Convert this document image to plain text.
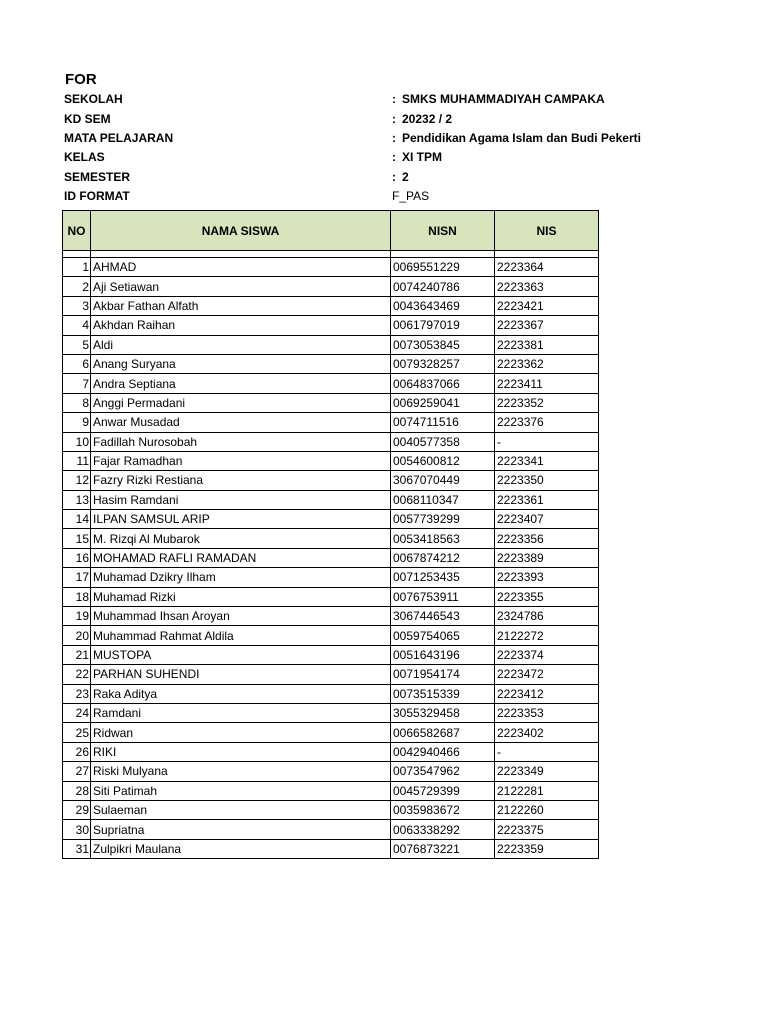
FOR
SEKOLAH	: SMKS MUHAMMADIYAH CAMPAKA
KD SEM	: 20232 / 2
MATA PELAJARAN	: Pendidikan Agama Islam dan Budi Pekerti
KELAS	: XI TPM
SEMESTER	: 2
ID FORMAT	F_PAS
NO	NAMA SISWA	NISN	NIS

1	AHMAD	0069551229	2223364
2	Aji Setiawan	0074240786	2223363
3	Akbar Fathan Alfath	0043643469	2223421
4	Akhdan Raihan	0061797019	2223367
5	Aldi	0073053845	2223381
6	Anang Suryana	0079328257	2223362
7	Andra Septiana	0064837066	2223411
8	Anggi Permadani	0069259041	2223352
9	Anwar Musadad	0074711516	2223376
10	Fadillah Nurosobah	0040577358	-
11	Fajar Ramadhan	0054600812	2223341
12	Fazry Rizki Restiana	3067070449	2223350
13	Hasim Ramdani	0068110347	2223361
14	ILPAN SAMSUL ARIP	0057739299	2223407
15	M. Rizqi Al Mubarok	0053418563	2223356
16	MOHAMAD RAFLI RAMADAN	0067874212	2223389
17	Muhamad Dzikry Ilham	0071253435	2223393
18	Muhamad Rizki	0076753911	2223355
19	Muhammad Ihsan Aroyan	3067446543	2324786
20	Muhammad Rahmat Aldila	0059754065	2122272
21	MUSTOPA	0051643196	2223374
22	PARHAN SUHENDI	0071954174	2223472
23	Raka Aditya	0073515339	2223412
24	Ramdani	3055329458	2223353
25	Ridwan	0066582687	2223402
26	RIKI	0042940466	-
27	Riski Mulyana	0073547962	2223349
28	Siti Patimah	0045729399	2122281
29	Sulaeman	0035983672	2122260
30	Supriatna	0063338292	2223375
31	Zulpikri Maulana	0076873221	2223359
